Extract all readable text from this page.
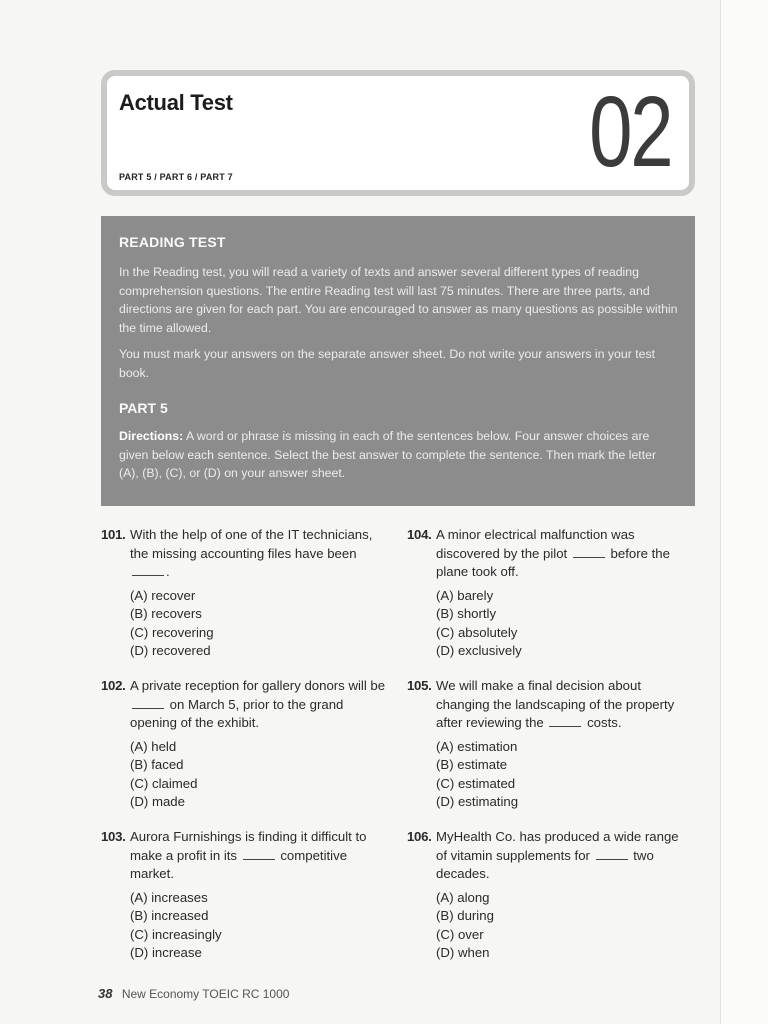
Actual Test
PART 5 / PART 6 / PART 7	02
READING TEST

In the Reading test, you will read a variety of texts and answer several different types of reading comprehension questions. The entire Reading test will last 75 minutes. There are three parts, and directions are given for each part. You are encouraged to answer as many questions as possible within the time allowed.

You must mark your answers on the separate answer sheet. Do not write your answers in your test book.

PART 5

Directions: A word or phrase is missing in each of the sentences below. Four answer choices are given below each sentence. Select the best answer to complete the sentence. Then mark the letter (A), (B), (C), or (D) on your answer sheet.

101. With the help of one of the IT technicians, the missing accounting files have been
.
(A) recover
(B) recovers
(C) recovering
(D) recovered
102. A private reception for gallery donors will be  on March 5, prior to the grand opening of the exhibit.
(A) held
(B) faced
(C) claimed
(D) made
103. Aurora Furnishings is finding it difficult to make a profit in its	competitive market.
(A) increases
(B) increased
(C) increasingly
(D) increase
104. A minor electrical malfunction was discovered by the pilot	before the plane took off.
(A) barely
(B) shortly
(C) absolutely
(D) exclusively
105. We will make a final decision about changing the landscaping of the property after reviewing the	costs.
(A) estimation
(B) estimate
(C) estimated
(D) estimating
106. MyHealth Co. has produced a wide range of vitamin supplements for	two decades.
(A) along
(B) during
(C) over
(D) when
38 New Economy TOEIC RC 1000
